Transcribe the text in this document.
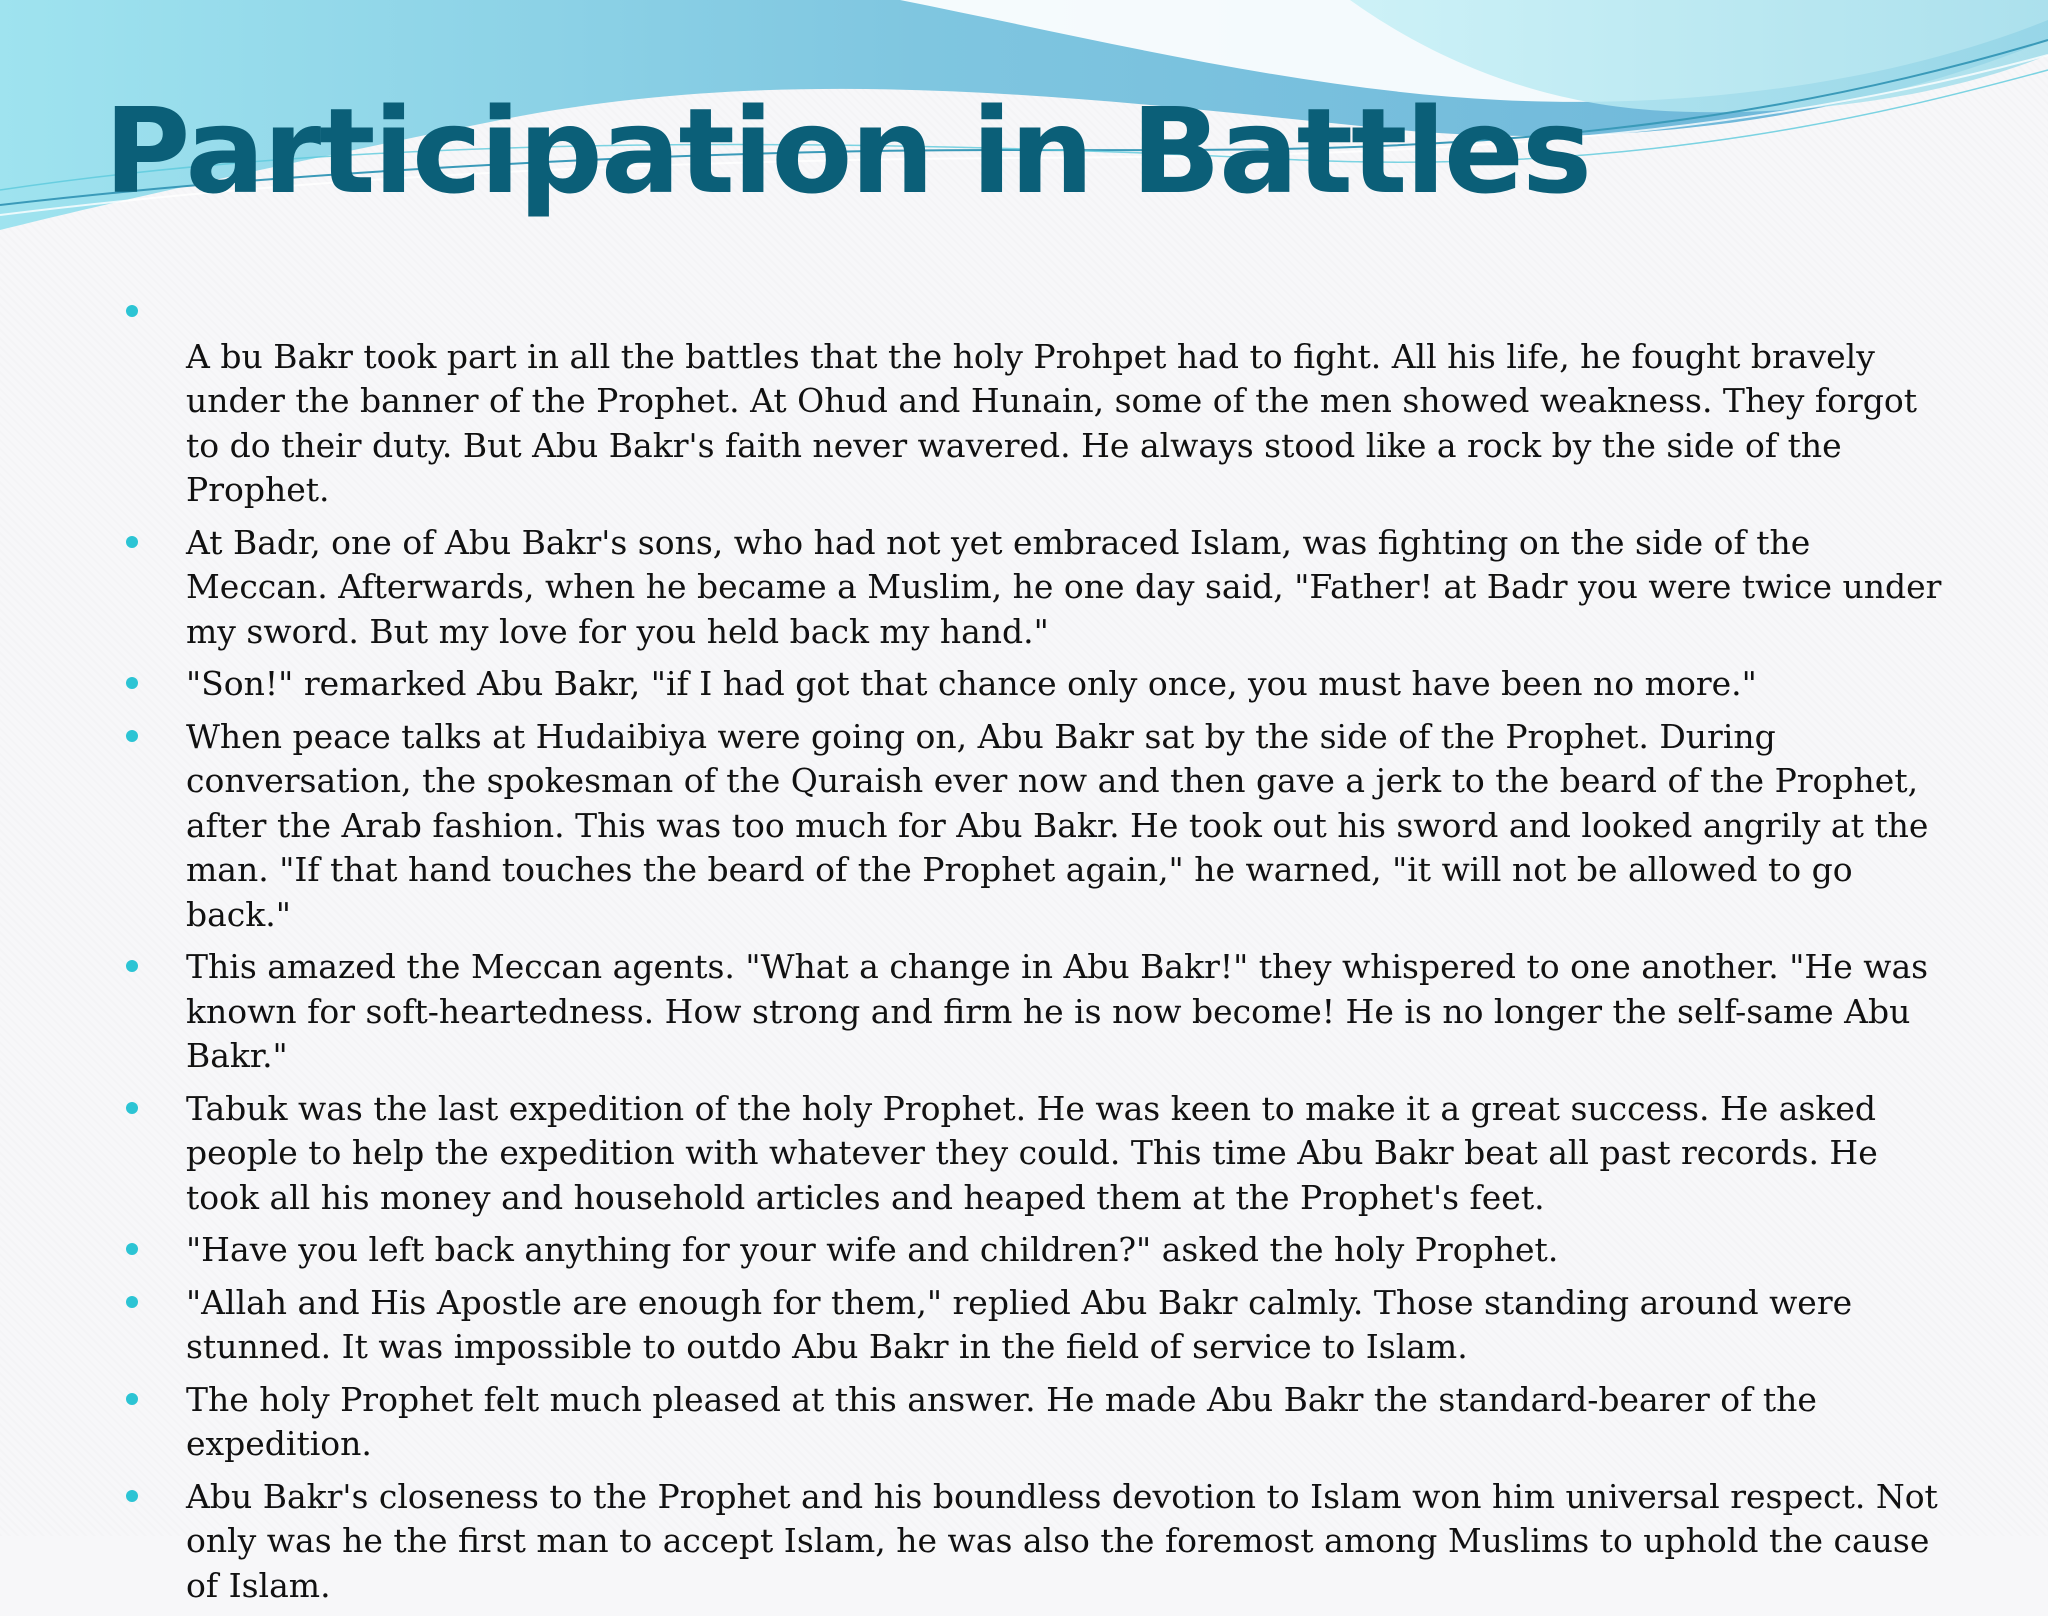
Participation in Battles
A bu Bakr took part in all the battles that the holy Prohpet had to fight. All his life, he fought bravely under the banner of the Prophet. At Ohud and Hunain, some of the men showed weakness. They forgot to do their duty. But Abu Bakr's faith never wavered. He always stood like a rock by the side of the Prophet.
At Badr, one of Abu Bakr's sons, who had not yet embraced Islam, was fighting on the side of the Meccan. Afterwards, when he became a Muslim, he one day said, "Father! at Badr you were twice under my sword. But my love for you held back my hand."
"Son!" remarked Abu Bakr, "if I had got that chance only once, you must have been no more."
When peace talks at Hudaibiya were going on, Abu Bakr sat by the side of the Prophet. During conversation, the spokesman of the Quraish ever now and then gave a jerk to the beard of the Prophet, after the Arab fashion. This was too much for Abu Bakr. He took out his sword and looked angrily at the man. "If that hand touches the beard of the Prophet again," he warned, "it will not be allowed to go back."
This amazed the Meccan agents. "What a change in Abu Bakr!" they whispered to one another. "He was known for soft-heartedness. How strong and firm he is now become! He is no longer the self-same Abu Bakr."
Tabuk was the last expedition of the holy Prophet. He was keen to make it a great success. He asked people to help the expedition with whatever they could. This time Abu Bakr beat all past records. He took all his money and household articles and heaped them at the Prophet's feet.
"Have you left back anything for your wife and children?" asked the holy Prophet.
"Allah and His Apostle are enough for them," replied Abu Bakr calmly. Those standing around were stunned. It was impossible to outdo Abu Bakr in the field of service to Islam.
The holy Prophet felt much pleased at this answer. He made Abu Bakr the standard-bearer of the expedition.
Abu Bakr's closeness to the Prophet and his boundless devotion to Islam won him universal respect. Not only was he the first man to accept Islam, he was also the foremost among Muslims to uphold the cause of Islam.
